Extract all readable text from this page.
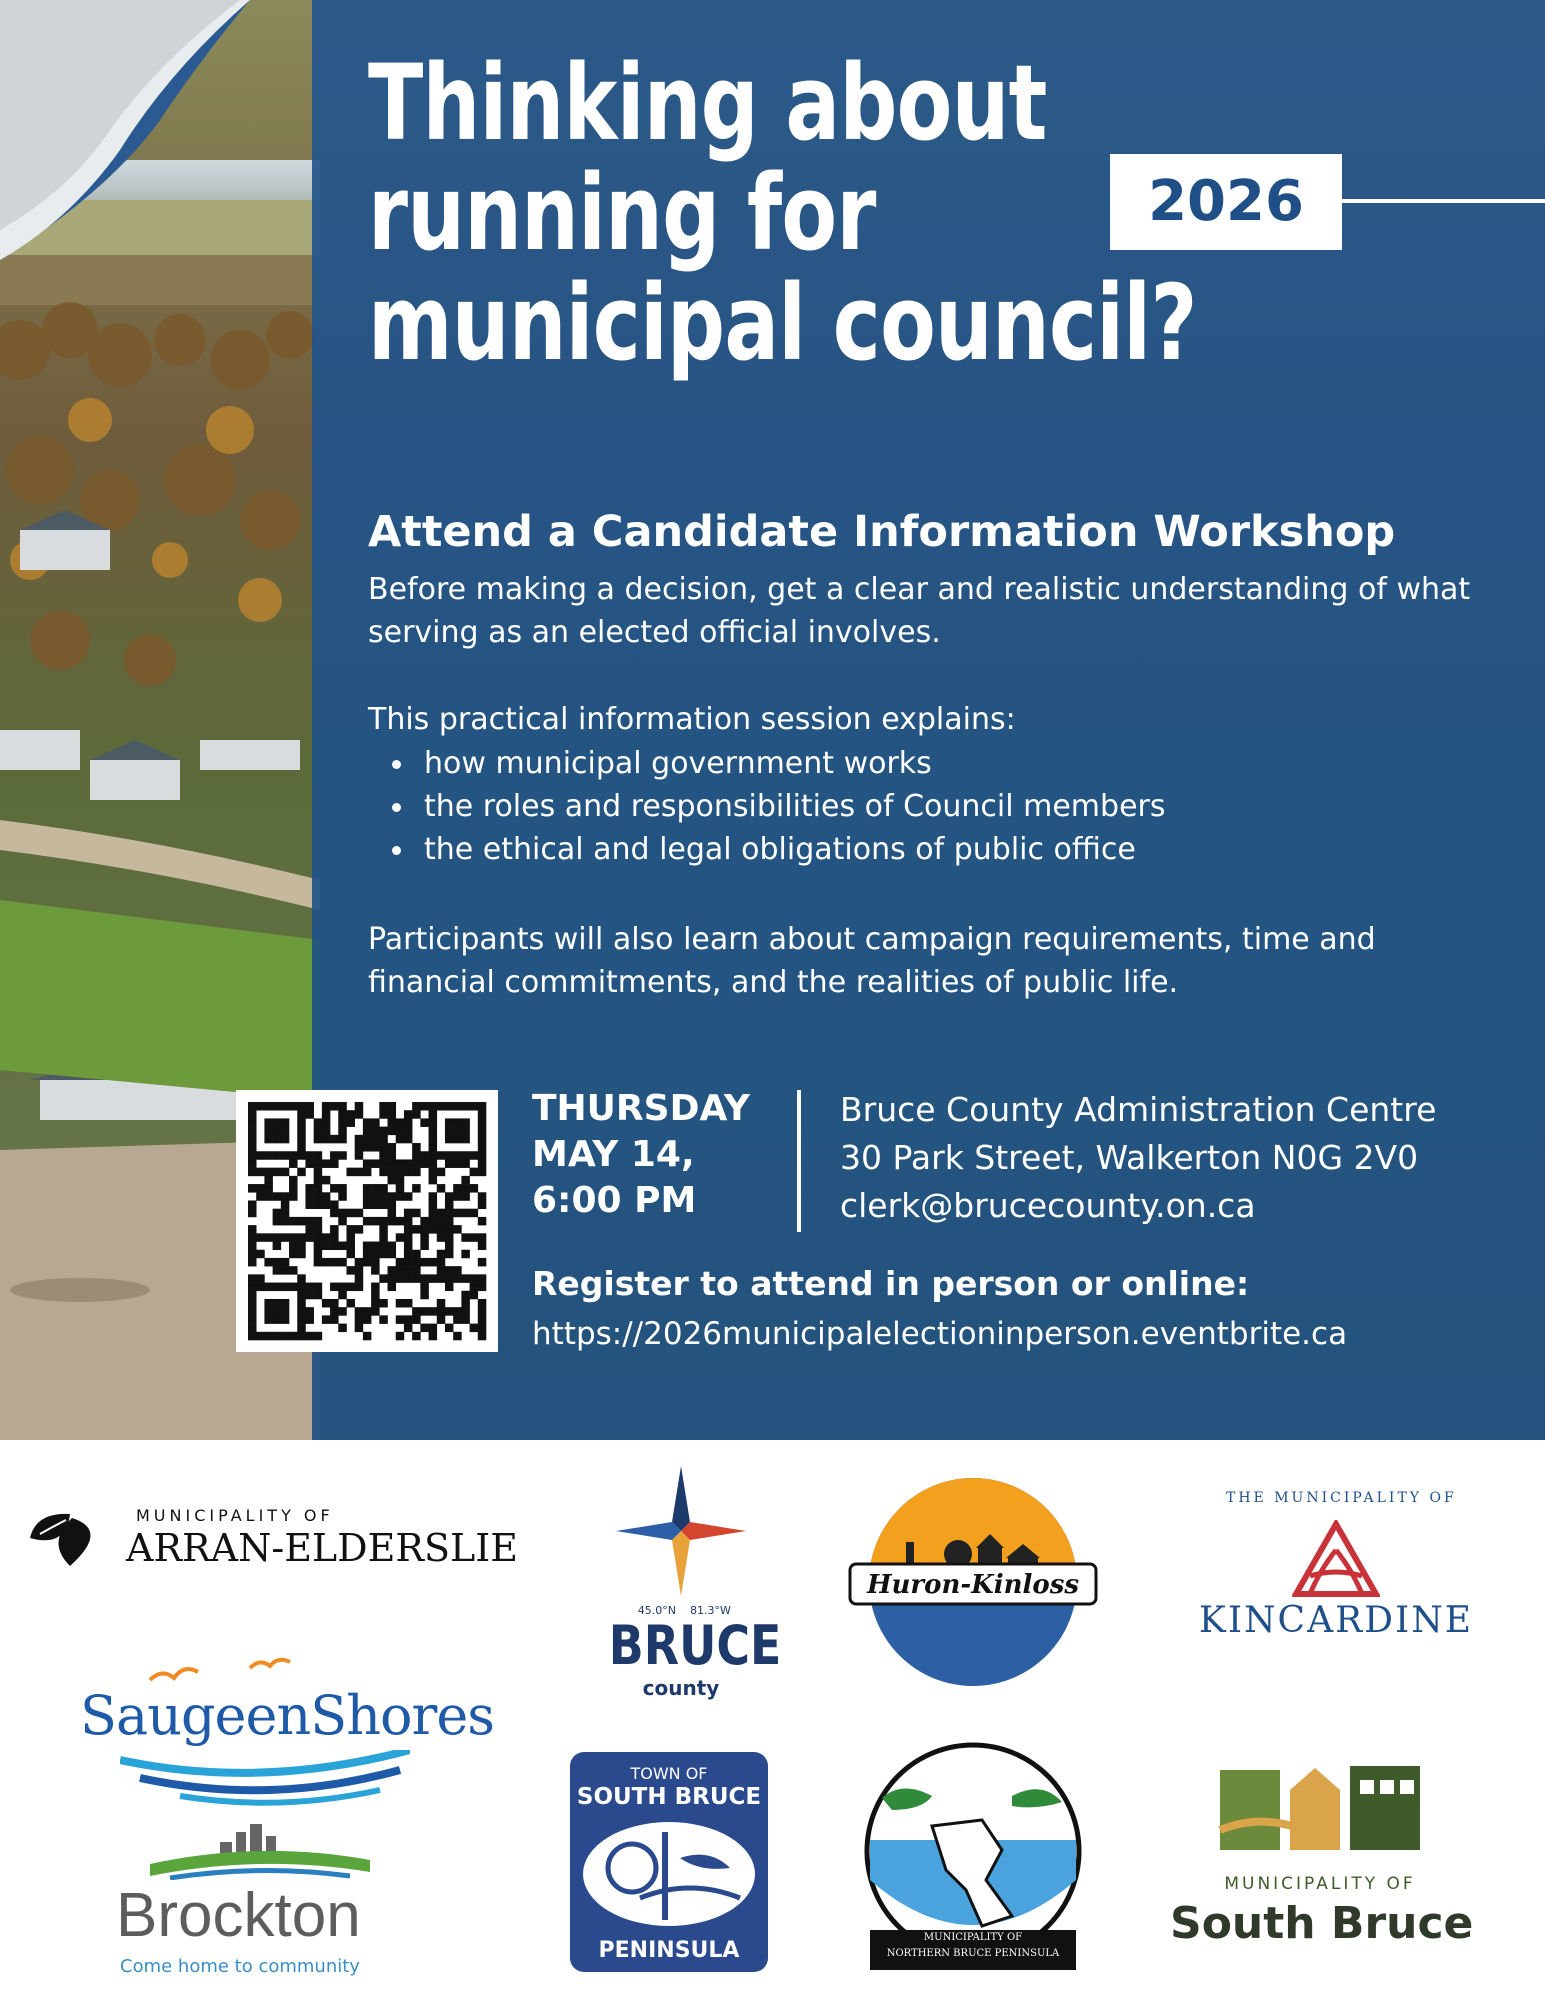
Thinking about
running for
municipal council?
2026
Attend a Candidate Information Workshop

Before making a decision, get a clear and realistic understanding of what serving as an elected official involves.

This practical information session explains:

how municipal government works
the roles and responsibilities of Council members
the ethical and legal obligations of public office

Participants will also learn about campaign requirements, time and financial commitments, and the realities of public life.

THURSDAY
MAY 14,
6:00 PM
Bruce County Administration Centre
30 Park Street, Walkerton N0G 2V0
clerk@brucecounty.on.ca
Register to attend in person or online:
https://2026municipalelectioninperson.eventbrite.ca
MUNICIPALITY OF
ARRAN-ELDERSLIE
45.0°N 81.3°W
BRUCE
county
Huron-Kinloss
THE MUNICIPALITY OF
KINCARDINE
SaugeenShores
TOWN OF
SOUTH BRUCE
PENINSULA
MUNICIPALITY OF
NORTHERN BRUCE PENINSULA
Brockton
Come home to community
MUNICIPALITY OF
South Bruce
